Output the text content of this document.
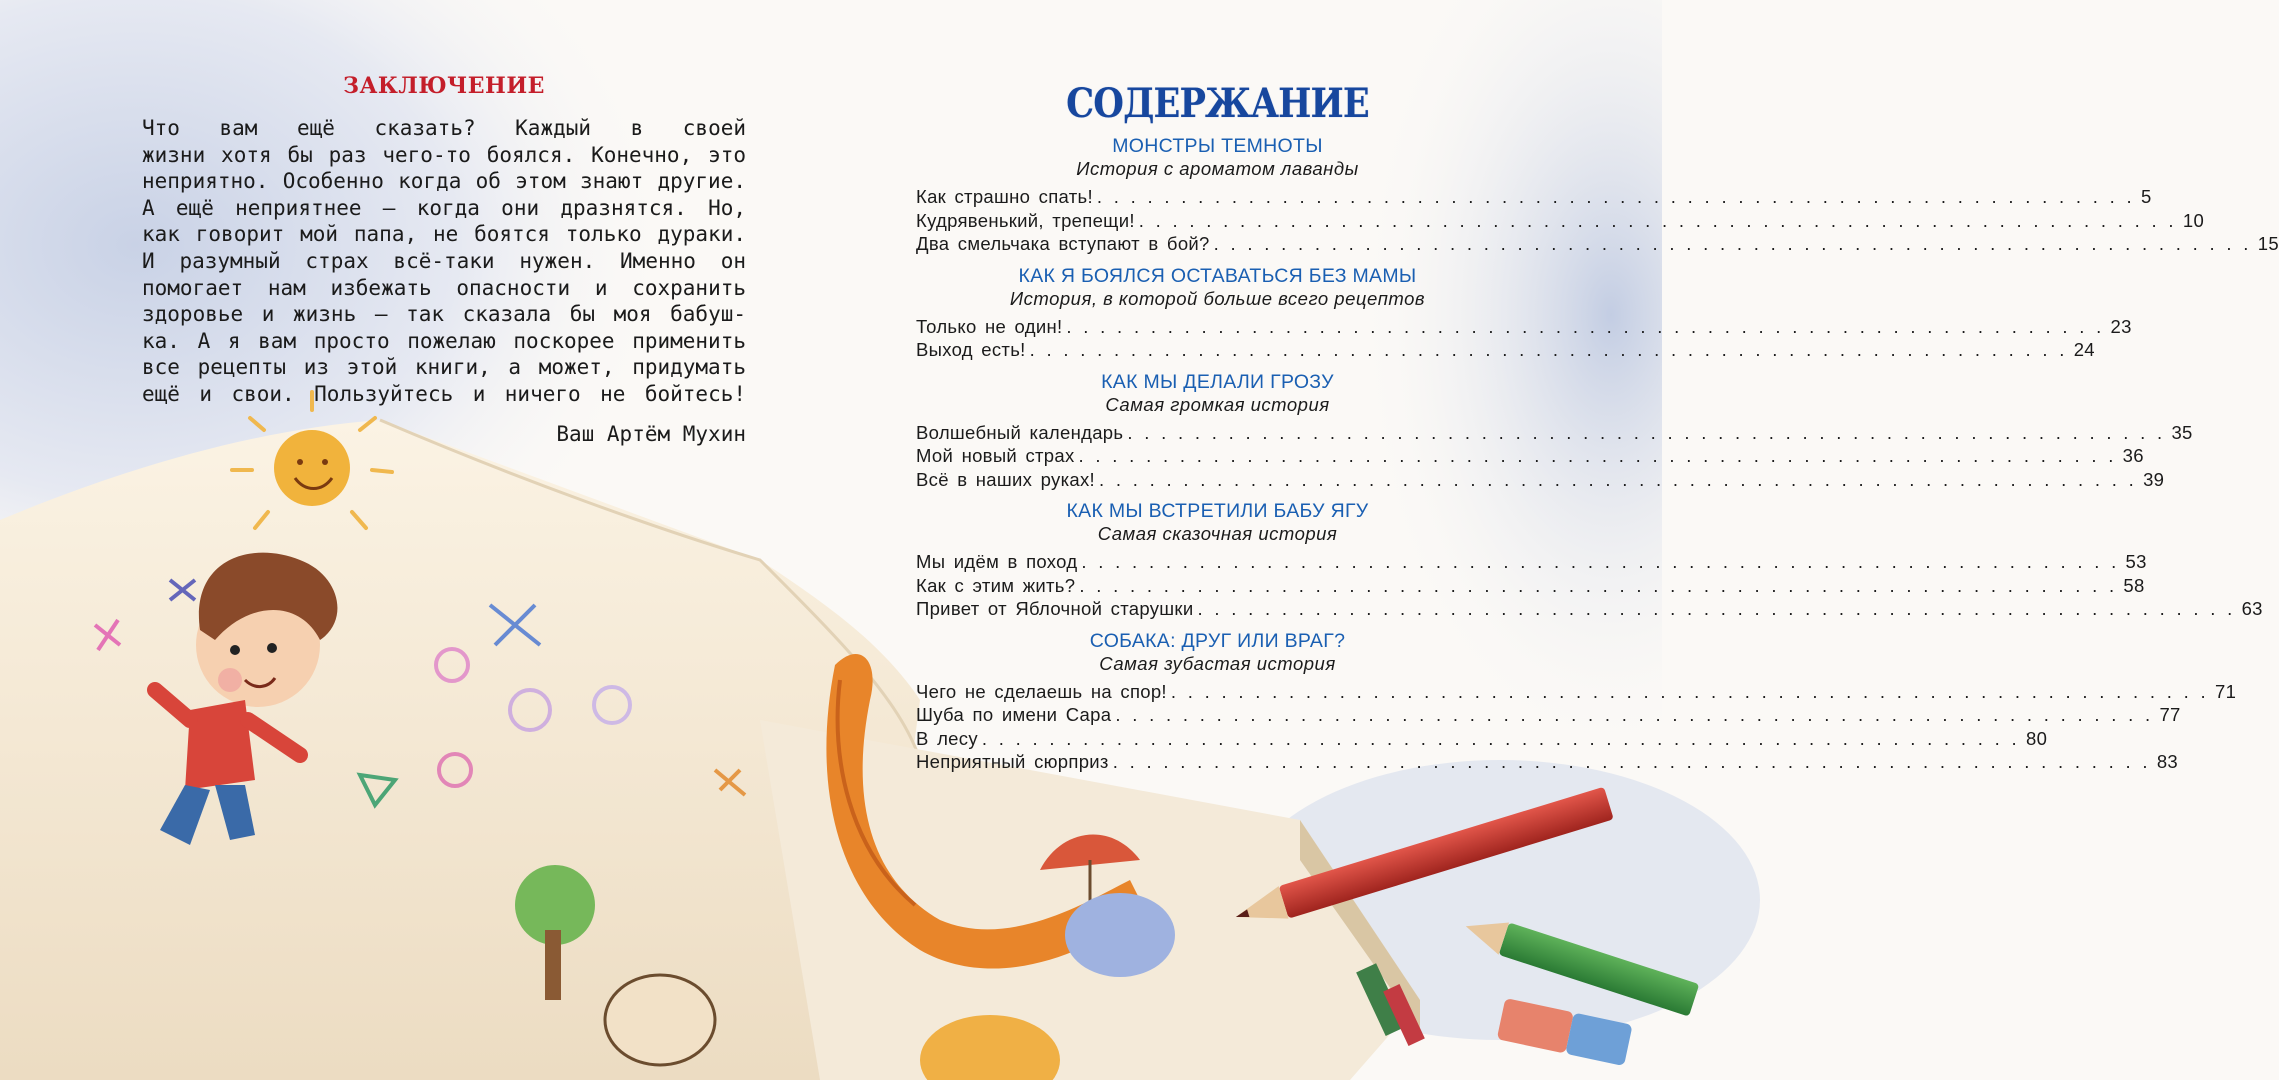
ЗАКЛЮЧЕНИЕ
Что вам ещё сказать? Каждый в своей
жизни хотя бы раз чего-то боялся. Конечно, это
неприятно. Особенно когда об этом знают другие.
А ещё неприятнее — когда они дразнятся. Но,
как говорит мой папа, не боятся только дураки.
И разумный страх всё-таки нужен. Именно он
помогает нам избежать опасности и сохранить
здоровье и жизнь — так сказала бы моя бабуш-
ка. А я вам просто пожелаю поскорее применить
все рецепты из этой книги, а может, придумать
ещё и свои. Пользуйтесь и ничего не бойтесь!
Ваш Артём Мухин
СОДЕРЖАНИЕ
МОНСТРЫ ТЕМНОТЫ
История с ароматом лаванды
Как страшно спать! . . . . . . . . . . . . . . . . . . . . . . . . . . . . . . . . . . . . . . . . . . . . . . . . . . . . . . . . . . . . . . 5
Кудрявенький, трепещи! . . . . . . . . . . . . . . . . . . . . . . . . . . . . . . . . . . . . . . . . . . . . . . . . . . . . . . . . . . . . . . 10
Два смельчака вступают в бой? . . . . . . . . . . . . . . . . . . . . . . . . . . . . . . . . . . . . . . . . . . . . . . . . . . . . . . . . . . . . . . 15
КАК Я БОЯЛСЯ ОСТАВАТЬСЯ БЕЗ МАМЫ
История, в которой больше всего рецептов
Только не один! . . . . . . . . . . . . . . . . . . . . . . . . . . . . . . . . . . . . . . . . . . . . . . . . . . . . . . . . . . . . . . 23
Выход есть! . . . . . . . . . . . . . . . . . . . . . . . . . . . . . . . . . . . . . . . . . . . . . . . . . . . . . . . . . . . . . . 24
КАК МЫ ДЕЛАЛИ ГРОЗУ
Самая громкая история
Волшебный календарь . . . . . . . . . . . . . . . . . . . . . . . . . . . . . . . . . . . . . . . . . . . . . . . . . . . . . . . . . . . . . . 35
Мой новый страх . . . . . . . . . . . . . . . . . . . . . . . . . . . . . . . . . . . . . . . . . . . . . . . . . . . . . . . . . . . . . . 36
Всё в наших руках! . . . . . . . . . . . . . . . . . . . . . . . . . . . . . . . . . . . . . . . . . . . . . . . . . . . . . . . . . . . . . . 39
КАК МЫ ВСТРЕТИЛИ БАБУ ЯГУ
Самая сказочная история
Мы идём в поход . . . . . . . . . . . . . . . . . . . . . . . . . . . . . . . . . . . . . . . . . . . . . . . . . . . . . . . . . . . . . . 53
Как с этим жить? . . . . . . . . . . . . . . . . . . . . . . . . . . . . . . . . . . . . . . . . . . . . . . . . . . . . . . . . . . . . . . 58
Привет от Яблочной старушки . . . . . . . . . . . . . . . . . . . . . . . . . . . . . . . . . . . . . . . . . . . . . . . . . . . . . . . . . . . . . . 63
СОБАКА: ДРУГ ИЛИ ВРАГ?
Самая зубастая история
Чего не сделаешь на спор! . . . . . . . . . . . . . . . . . . . . . . . . . . . . . . . . . . . . . . . . . . . . . . . . . . . . . . . . . . . . . . 71
Шуба по имени Сара . . . . . . . . . . . . . . . . . . . . . . . . . . . . . . . . . . . . . . . . . . . . . . . . . . . . . . . . . . . . . . 77
В лесу . . . . . . . . . . . . . . . . . . . . . . . . . . . . . . . . . . . . . . . . . . . . . . . . . . . . . . . . . . . . . . 80
Неприятный сюрприз . . . . . . . . . . . . . . . . . . . . . . . . . . . . . . . . . . . . . . . . . . . . . . . . . . . . . . . . . . . . . . 83
